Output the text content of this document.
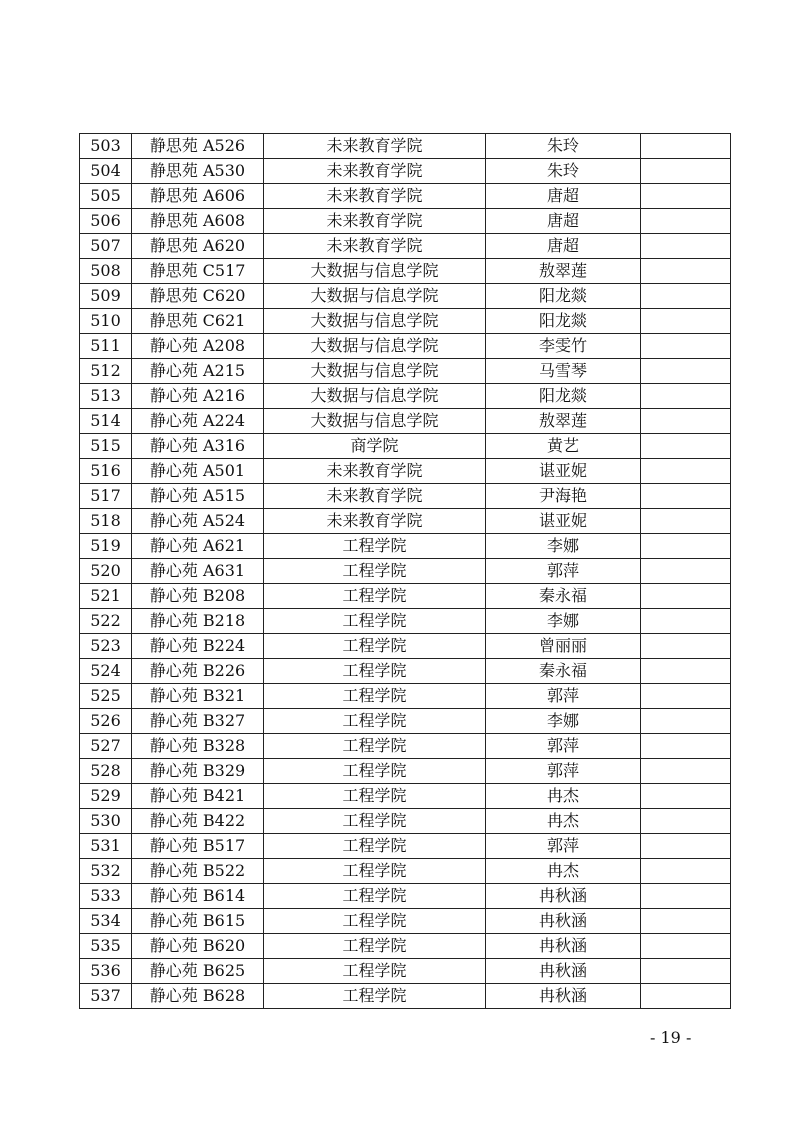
503	静思苑 A526	未来教育学院	朱玲	
504	静思苑 A530	未来教育学院	朱玲	
505	静思苑 A606	未来教育学院	唐超	
506	静思苑 A608	未来教育学院	唐超	
507	静思苑 A620	未来教育学院	唐超	
508	静思苑 C517	大数据与信息学院	敖翠莲	
509	静思苑 C620	大数据与信息学院	阳龙燚	
510	静思苑 C621	大数据与信息学院	阳龙燚	
511	静心苑 A208	大数据与信息学院	李雯竹	
512	静心苑 A215	大数据与信息学院	马雪琴	
513	静心苑 A216	大数据与信息学院	阳龙燚	
514	静心苑 A224	大数据与信息学院	敖翠莲	
515	静心苑 A316	商学院	黄艺	
516	静心苑 A501	未来教育学院	谌亚妮	
517	静心苑 A515	未来教育学院	尹海艳	
518	静心苑 A524	未来教育学院	谌亚妮	
519	静心苑 A621	工程学院	李娜	
520	静心苑 A631	工程学院	郭萍	
521	静心苑 B208	工程学院	秦永福	
522	静心苑 B218	工程学院	李娜	
523	静心苑 B224	工程学院	曾丽丽	
524	静心苑 B226	工程学院	秦永福	
525	静心苑 B321	工程学院	郭萍	
526	静心苑 B327	工程学院	李娜	
527	静心苑 B328	工程学院	郭萍	
528	静心苑 B329	工程学院	郭萍	
529	静心苑 B421	工程学院	冉杰	
530	静心苑 B422	工程学院	冉杰	
531	静心苑 B517	工程学院	郭萍	
532	静心苑 B522	工程学院	冉杰	
533	静心苑 B614	工程学院	冉秋涵	
534	静心苑 B615	工程学院	冉秋涵	
535	静心苑 B620	工程学院	冉秋涵	
536	静心苑 B625	工程学院	冉秋涵	
537	静心苑 B628	工程学院	冉秋涵	
- 19 -
